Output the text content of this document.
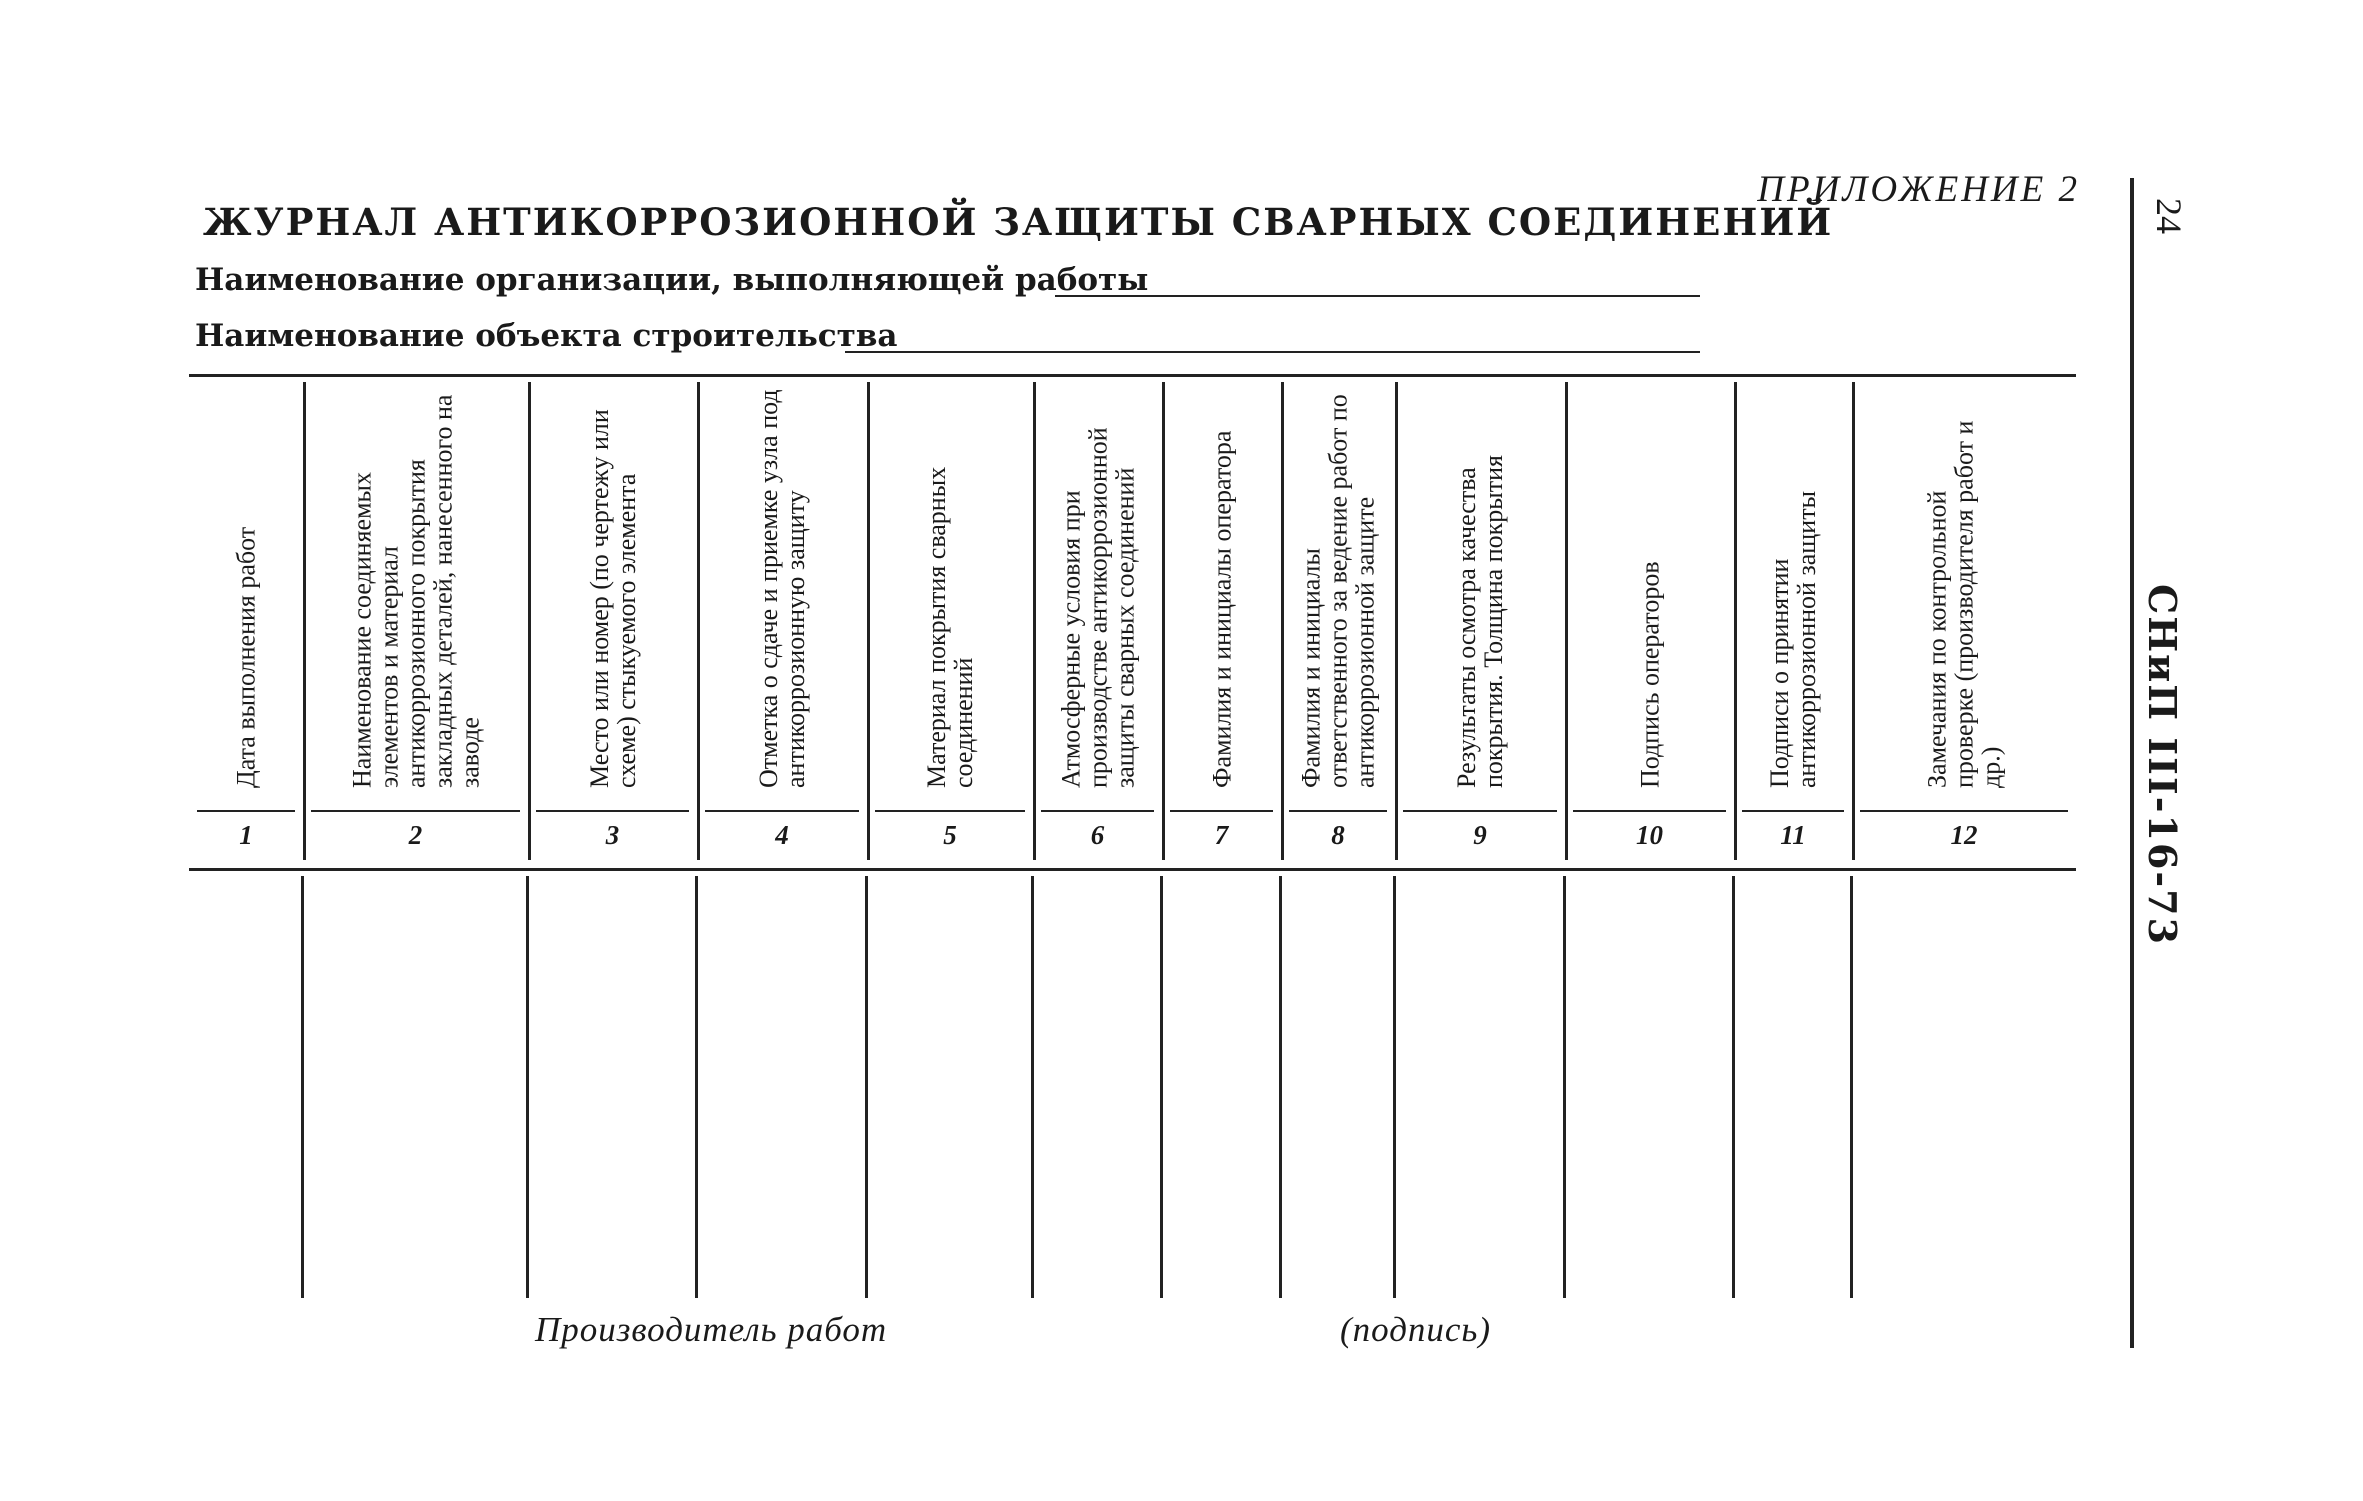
ПРИЛОЖЕНИЕ 2
ЖУРНАЛ АНТИКОРРОЗИОННОЙ ЗАЩИТЫ СВАРНЫХ СОЕДИНЕНИЙ
Наименование организации, выполняющей работы
Наименование объекта строительства
Дата выполнения работ
1
Наименование соединяемых элементов и материал антикоррозионного покрытия закладных деталей, нанесенного на заводе
2
Место или номер (по чертежу или схеме) стыкуемого элемента
3
Отметка о сдаче и приемке узла под антикоррозионную защиту
4
Материал покрытия сварных соединений
5
Атмосферные условия при производстве антикоррозионной защиты сварных соединений
6
Фамилия и инициалы оператора
7
Фамилия и инициалы ответственного за ведение работ по антикоррозионной защите
8
Результаты осмотра качества покрытия. Толщина покрытия
9
Подпись операторов
10
Подписи о принятии антикоррозионной защиты
11
Замечания по контрольной проверке (производителя работ и др.)
12
Производитель работ	(подпись)
24
СНиП III-16-73
